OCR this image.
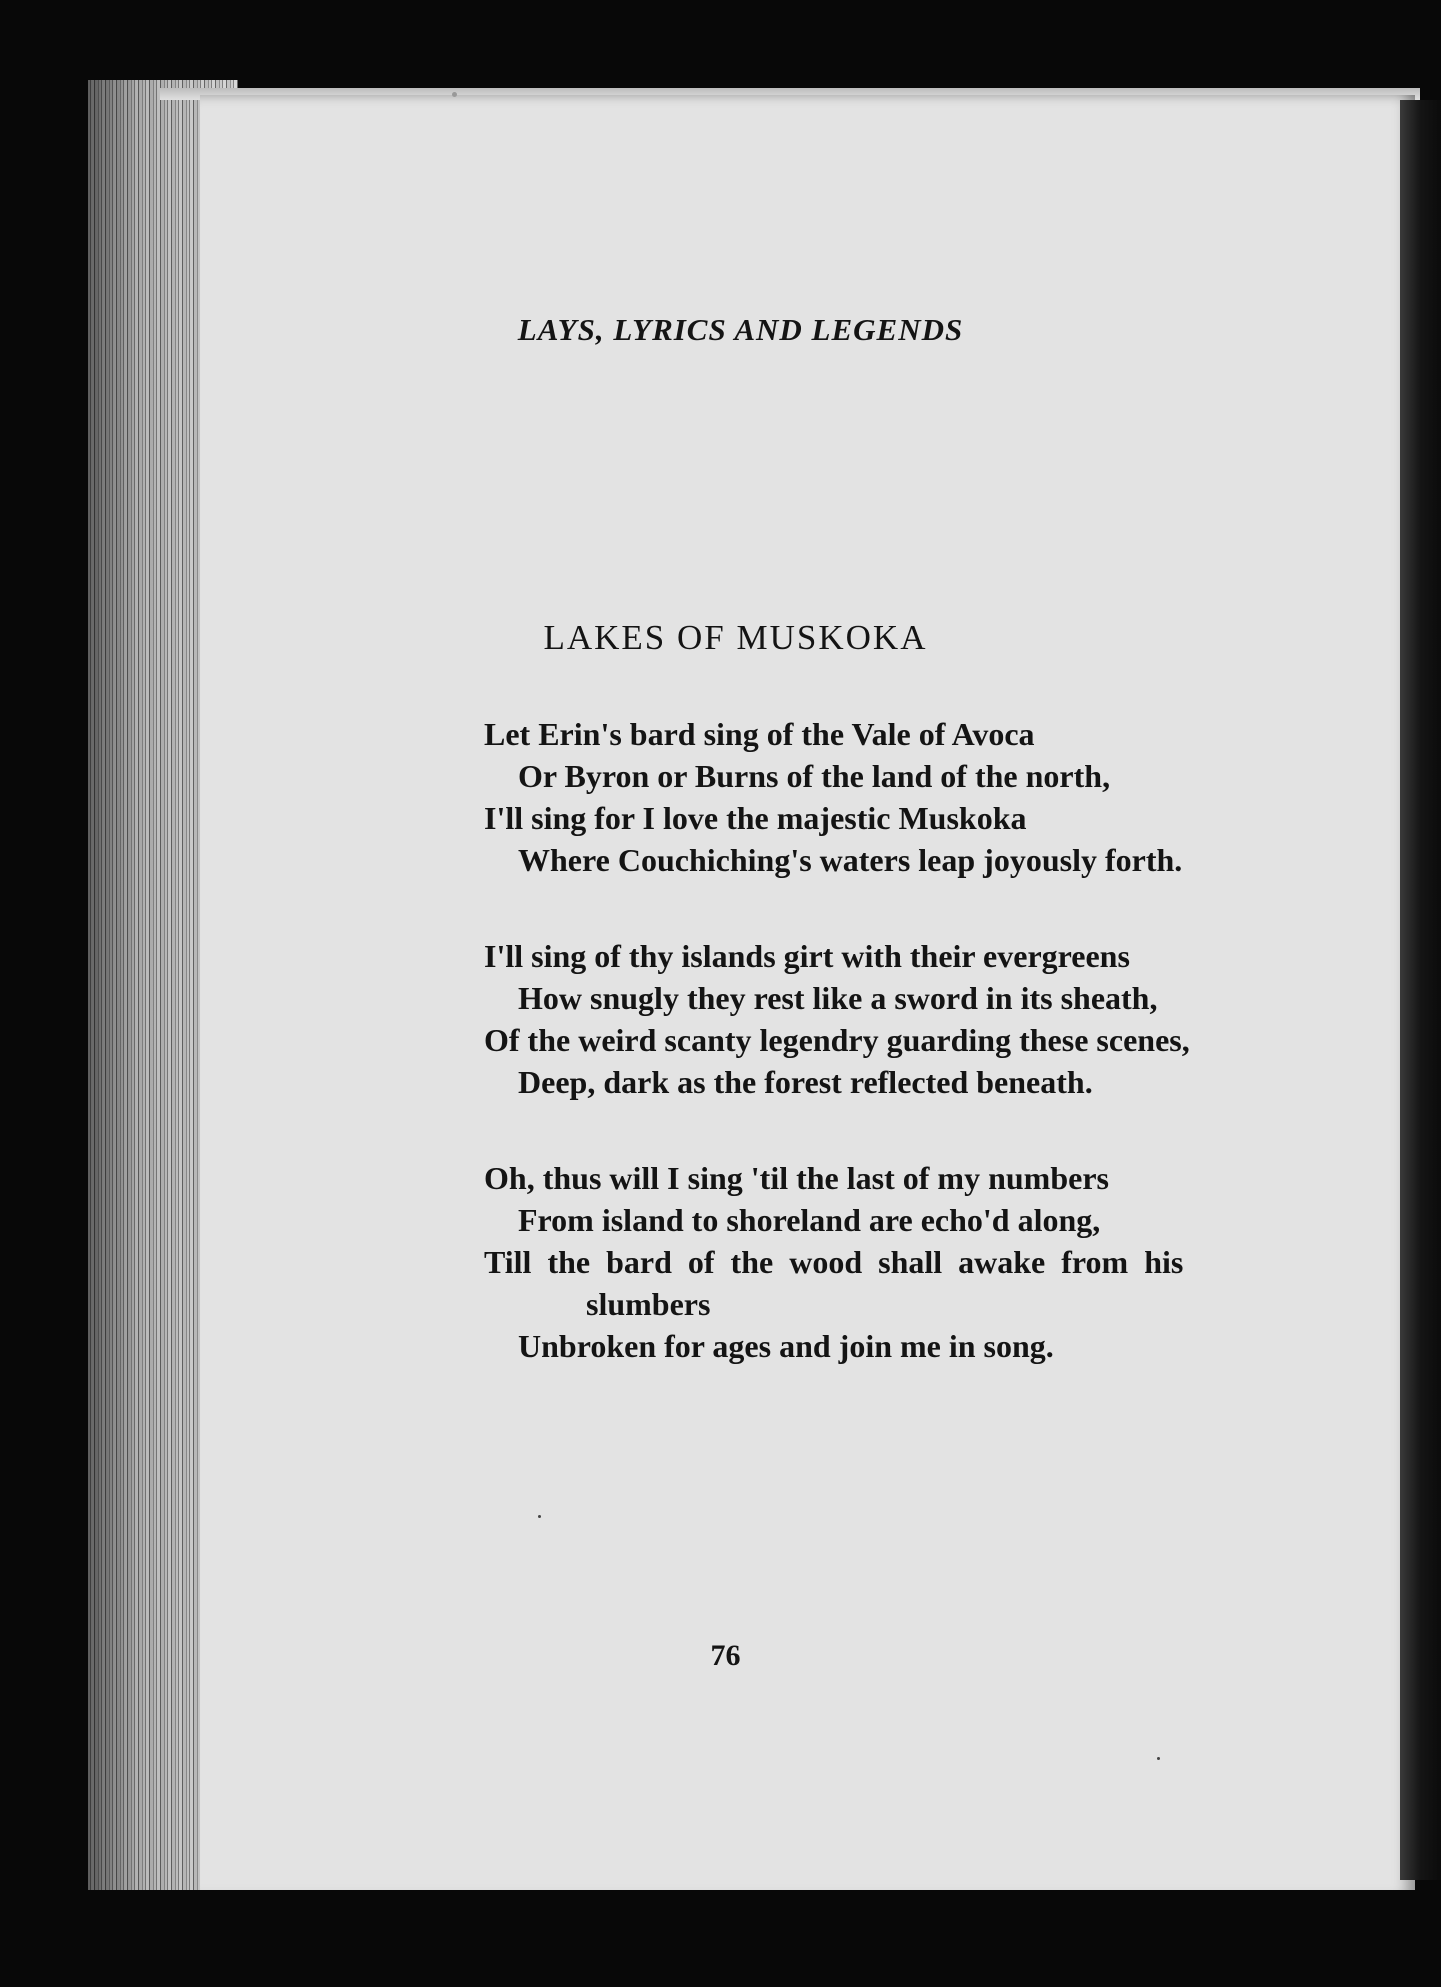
LAYS, LYRICS AND LEGENDS
LAKES OF MUSKOKA
Let Erin's bard sing of the Vale of Avoca
Or Byron or Burns of the land of the north,
I'll sing for I love the majestic Muskoka
Where Couchiching's waters leap joyously forth.
I'll sing of thy islands girt with their evergreens
How snugly they rest like a sword in its sheath,
Of the weird scanty legendry guarding these scenes,
Deep, dark as the forest reflected beneath.
Oh, thus will I sing 'til the last of my numbers
From island to shoreland are echo'd along,
Till the bard of the wood shall awake from his
slumbers
Unbroken for ages and join me in song.
76
